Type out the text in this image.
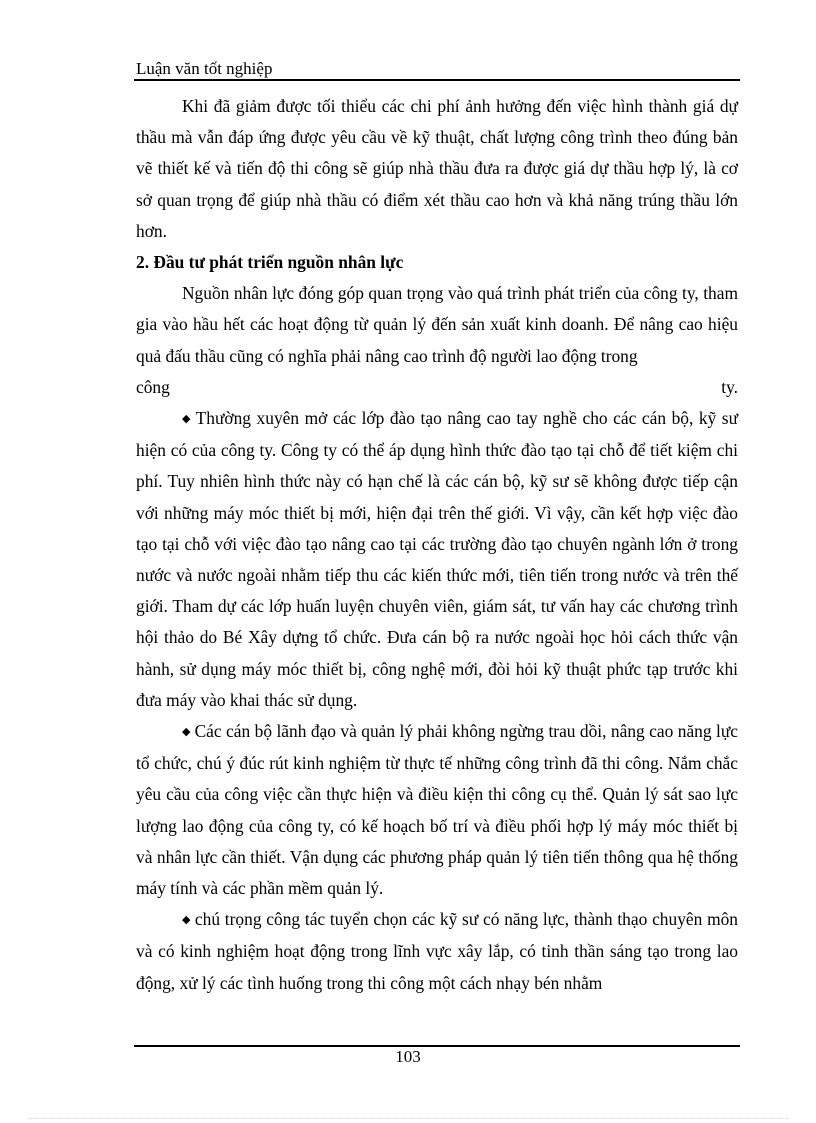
Luận văn tốt nghiệp

Khi đã giảm được tối thiểu các chi phí ảnh hưởng đến việc hình thành giá dự thầu mà vẫn đáp ứng được yêu cầu về kỹ thuật, chất lượng công trình theo đúng bản vẽ thiết kế và tiến độ thi công sẽ giúp nhà thầu đưa ra được giá dự thầu hợp lý, là cơ sở quan trọng để giúp nhà thầu có điểm xét thầu cao hơn và khả năng trúng thầu lớn hơn.

2. Đầu tư phát triển nguồn nhân lực

Nguồn nhân lực đóng góp quan trọng vào quá trình phát triển của công ty, tham gia vào hầu hết các hoạt động từ quản lý đến sản xuất kinh doanh. Để nâng cao hiệu quả đấu thầu cũng có nghĩa phải nâng cao trình độ người lao động trong

công	ty.

◆ Thường xuyên mở các lớp đào tạo nâng cao tay nghề cho các cán bộ, kỹ sư hiện có của công ty. Công ty có thể áp dụng hình thức đào tạo tại chỗ để tiết kiệm chi phí. Tuy nhiên hình thức này có hạn chế là các cán bộ, kỹ sư sẽ không được tiếp cận với những máy móc thiết bị mới, hiện đại trên thế giới. Vì vậy, cần kết hợp việc đào tạo tại chỗ với việc đào tạo nâng cao tại các trường đào tạo chuyên ngành lớn ở trong nước và nước ngoài nhằm tiếp thu các kiến thức mới, tiên tiến trong nước và trên thế giới. Tham dự các lớp huấn luyện chuyên viên, giám sát, tư vấn hay các chương trình hội thảo do Bé Xây dựng tổ chức. Đưa cán bộ ra nước ngoài học hỏi cách thức vận hành, sử dụng máy móc thiết bị, công nghệ mới, đòi hỏi kỹ thuật phức tạp trước khi đưa máy vào khai thác sử dụng.

◆ Các cán bộ lãnh đạo và quản lý phải không ngừng trau dồi, nâng cao năng lực tổ chức, chú ý đúc rút kinh nghiệm từ thực tế những công trình đã thi công. Nắm chắc yêu cầu của công việc cần thực hiện và điều kiện thi công cụ thể. Quản lý sát sao lực lượng lao động của công ty, có kế hoạch bố trí và điều phối hợp lý máy móc thiết bị và nhân lực cần thiết. Vận dụng các phương pháp quản lý tiên tiến thông qua hệ thống máy tính và các phần mềm quản lý.

◆ chú trọng công tác tuyển chọn các kỹ sư có năng lực, thành thạo chuyên môn và có kinh nghiệm hoạt động trong lĩnh vực xây lắp, có tinh thần sáng tạo trong lao động, xử lý các tình huống trong thi công một cách nhạy bén nhằm

103
